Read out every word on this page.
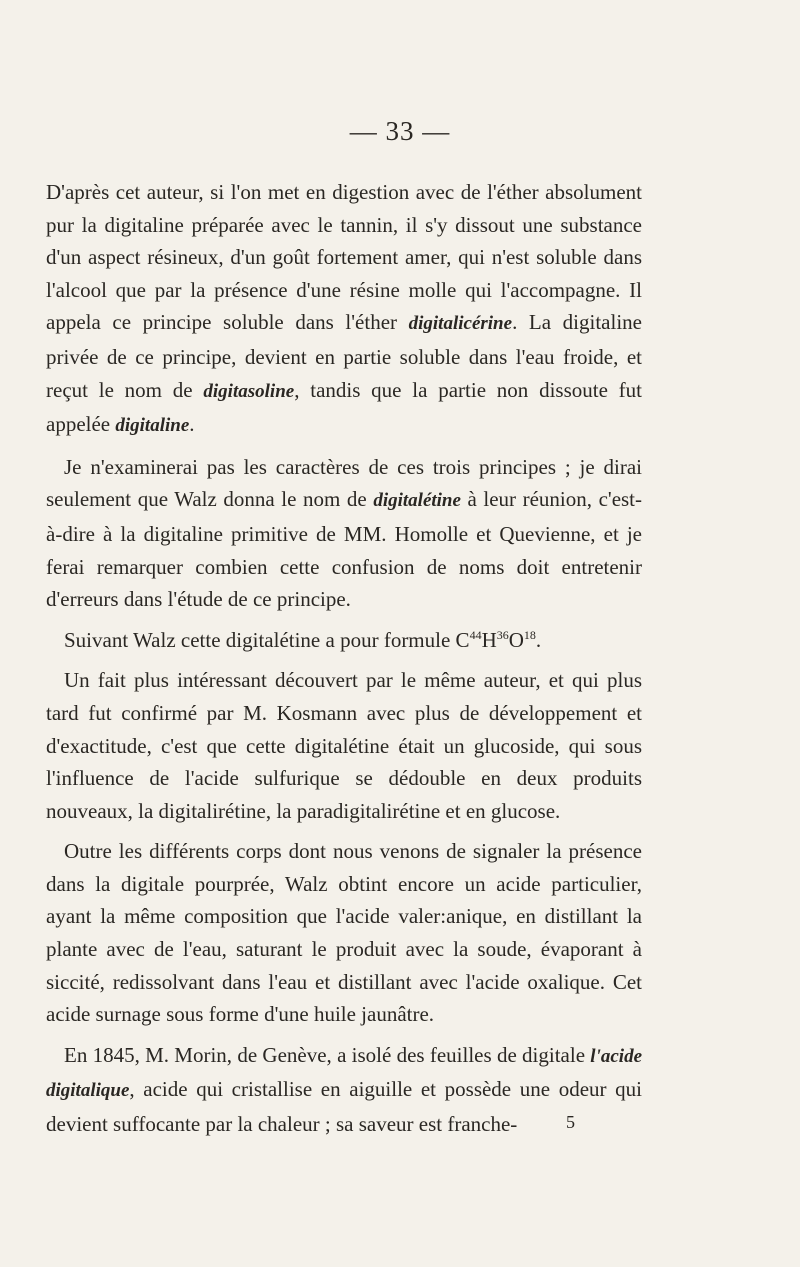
— 33 —

D'après cet auteur, si l'on met en digestion avec de l'éther absolument pur la digitaline préparée avec le tannin, il s'y dissout une substance d'un aspect résineux, d'un goût fortement amer, qui n'est soluble dans l'alcool que par la présence d'une résine molle qui l'accompagne. Il appela ce principe soluble dans l'éther digitalicérine. La digitaline privée de ce principe, devient en partie soluble dans l'eau froide, et reçut le nom de digitasoline, tandis que la partie non dissoute fut appelée digitaline.

Je n'examinerai pas les caractères de ces trois principes ; je dirai seulement que Walz donna le nom de digitalétine à leur réunion, c'est-à-dire à la digitaline primitive de MM. Homolle et Quevienne, et je ferai remarquer combien cette confusion de noms doit entretenir d'erreurs dans l'étude de ce principe.

Suivant Walz cette digitalétine a pour formule $C^{44}H^{36}O^{18}$.

Un fait plus intéressant découvert par le même auteur, et qui plus tard fut confirmé par M. Kosmann avec plus de développement et d'exactitude, c'est que cette digitalétine était un glucoside, qui sous l'influence de l'acide sulfurique se dédouble en deux produits nouveaux, la digitalirétine, la paradigitalirétine et en glucose.

Outre les différents corps dont nous venons de signaler la présence dans la digitale pourprée, Walz obtint encore un acide particulier, ayant la même composition que l'acide valer:anique, en distillant la plante avec de l'eau, saturant le produit avec la soude, évaporant à siccité, redissolvant dans l'eau et distillant avec l'acide oxalique. Cet acide surnage sous forme d'une huile jaunâtre.

En 1845, M. Morin, de Genève, a isolé des feuilles de digitale l'acide digitalique, acide qui cristallise en aiguille et possède une odeur qui devient suffocante par la chaleur ; sa saveur est franche-	5
